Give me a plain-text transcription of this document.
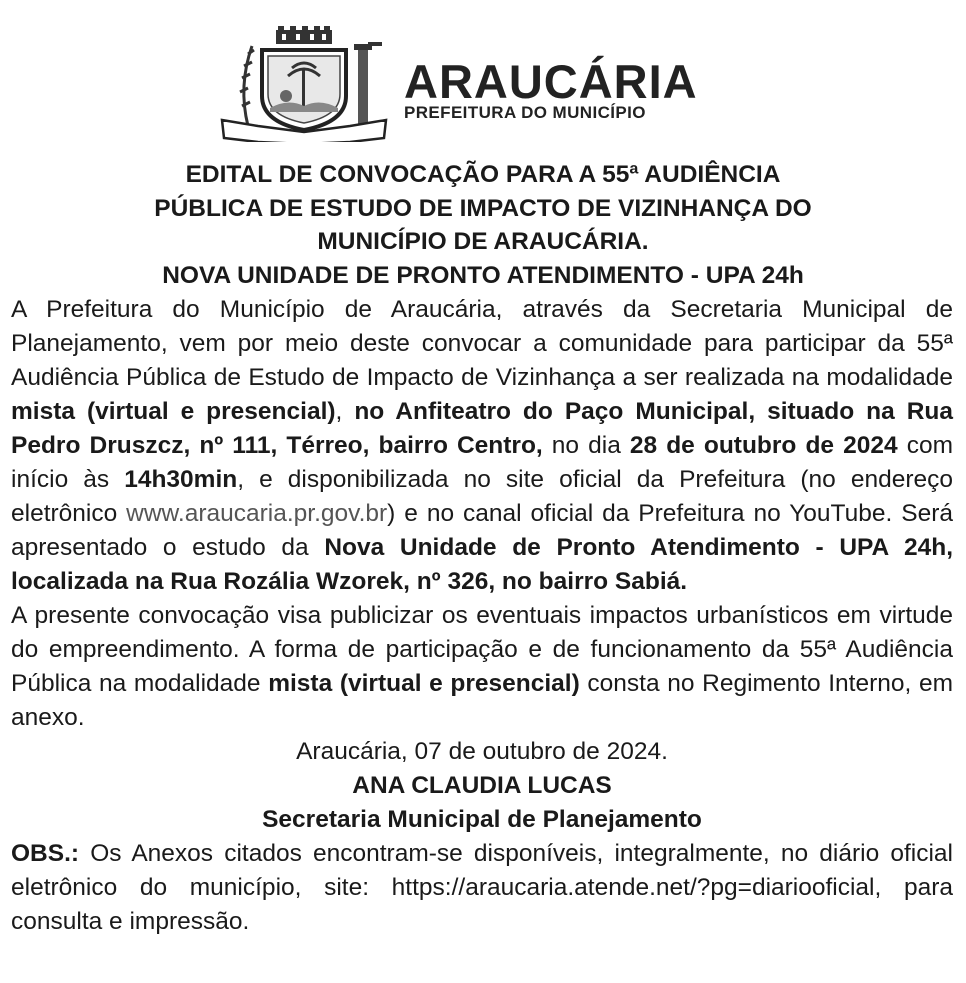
ARAUCÁRIA
PREFEITURA DO MUNICÍPIO
EDITAL DE CONVOCAÇÃO PARA A 55ª AUDIÊNCIA
PÚBLICA DE ESTUDO DE IMPACTO DE VIZINHANÇA DO
MUNICÍPIO DE ARAUCÁRIA.
NOVA UNIDADE DE PRONTO ATENDIMENTO - UPA 24h

A Prefeitura do Município de Araucária, através da Secretaria Municipal de Planejamento, vem por meio deste convocar a comunidade para participar da 55ª Audiência Pública de Estudo de Impacto de Vizinhança a ser realizada na modalidade mista (virtual e presencial), no Anfiteatro do Paço Municipal, situado na Rua Pedro Druszcz, nº 111, Térreo, bairro Centro, no dia 28 de outubro de 2024 com início às 14h30min, e disponibilizada no site oficial da Prefeitura (no endereço eletrônico www.araucaria.pr.gov.br) e no canal oficial da Prefeitura no YouTube. Será apresentado o estudo da Nova Unidade de Pronto Atendimento - UPA 24h, localizada na Rua Rozália Wzorek, nº 326, no bairro Sabiá.

A presente convocação visa publicizar os eventuais impactos urbanísticos em virtude do empreendimento. A forma de participação e de funcionamento da 55ª Audiência Pública na modalidade mista (virtual e presencial) consta no Regimento Interno, em anexo.

Araucária, 07 de outubro de 2024.

ANA CLAUDIA LUCAS

Secretaria Municipal de Planejamento

OBS.: Os Anexos citados encontram-se disponíveis, integralmente, no diário oficial eletrônico do município, site: https://araucaria.atende.net/?pg=diariooficial, para consulta e impressão.
